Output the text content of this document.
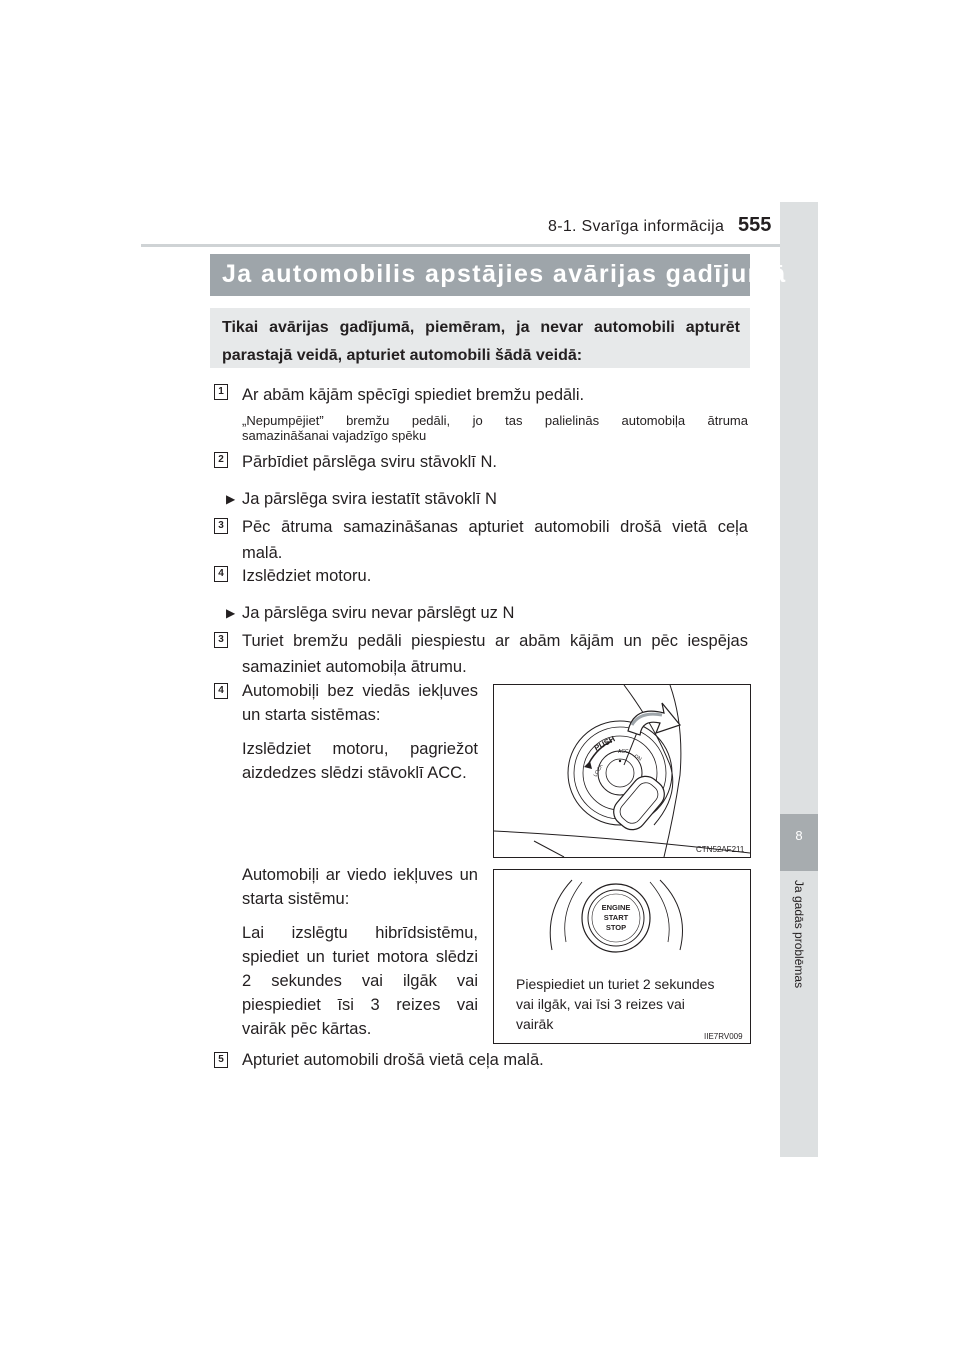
8-1. Svarīga informācija 555
8
Ja gadās problēmas
Ja automobilis apstājies avārijas gadījumā
Tikai avārijas gadījumā, piemēram, ja nevar automobili apturēt

parastajā veidā, apturiet automobili šādā veidā:
1 Ar abām kājām spēcīgi spiediet bremžu pedāli.
„Nepumpējiet” bremžu pedāli, jo tas palielinās automobiļa ātruma
samazināšanai vajadzīgo spēku
2 Pārbīdiet pārslēga sviru stāvoklī N.
▶ Ja pārslēga svira iestatīt stāvoklī N
3 Pēc ātruma samazināšanas apturiet automobili drošā vietā ceļa
malā.
4 Izslēdziet motoru.
▶ Ja pārslēga sviru nevar pārslēgt uz N
3 Turiet bremžu pedāli piespiestu ar abām kājām un pēc iespējas
samaziniet automobiļa ātrumu.
4 Automobiļi bez viedās iekļuves
un starta sistēmas:
Izslēdziet motoru, pagriežot
aizdedzes slēdzi stāvoklī ACC.
Automobiļi ar viedo iekļuves un
starta sistēmu:
Lai izslēgtu hibrīdsistēmu,
spiediet un turiet motora slēdzi
2 sekundes vai ilgāk vai
piespiediet īsi 3 reizes vai
vairāk pēc kārtas.
PUSH
LOCK
ACC
ON
CTN52AF211
ENGINE
START
STOP
Piespiediet un turiet 2 sekundes
vai ilgāk, vai īsi 3 reizes vai
vairāk
IIE7RV009
5 Apturiet automobili drošā vietā ceļa malā.
